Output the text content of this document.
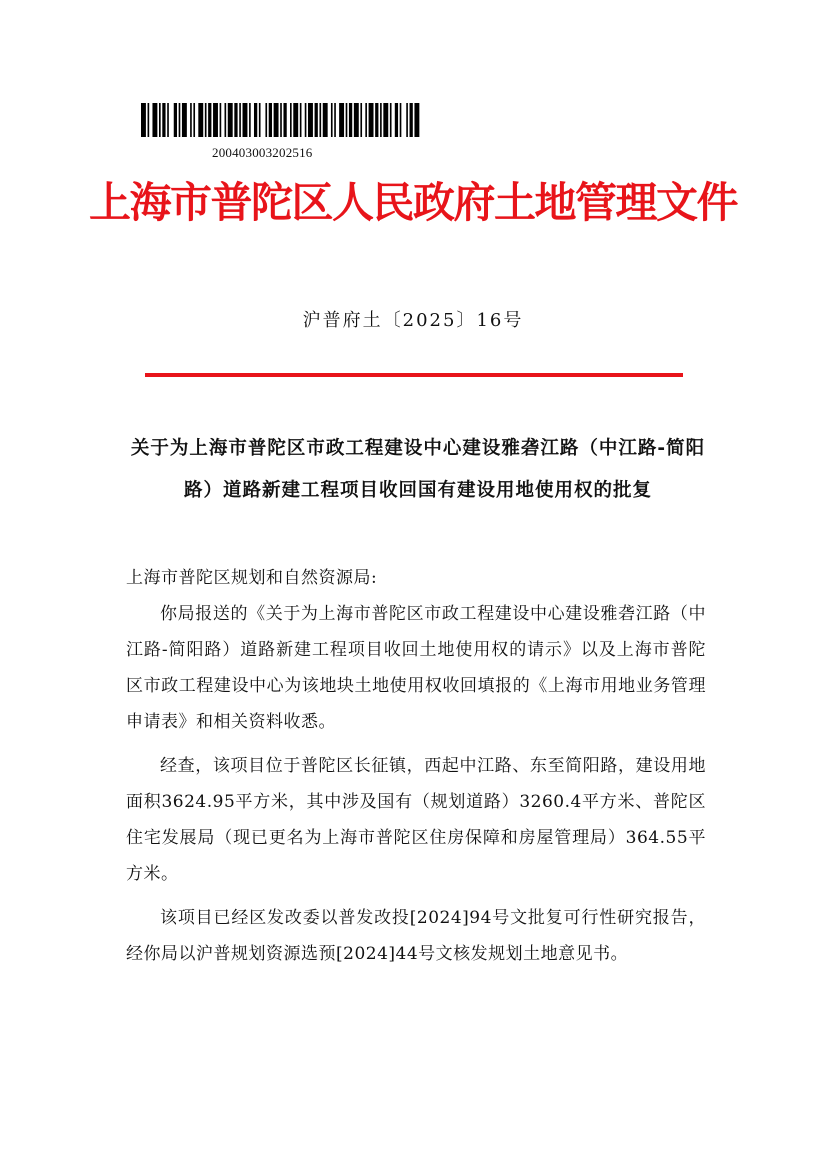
200403003202516
上海市普陀区人民政府土地管理文件
沪普府土〔2025〕16号
关于为上海市普陀区市政工程建设中心建设雅砻江路（中江路-简阳
路）道路新建工程项目收回国有建设用地使用权的批复

上海市普陀区规划和自然资源局:

你局报送的《关于为上海市普陀区市政工程建设中心建设雅砻江路（中江路-简阳路）道路新建工程项目收回土地使用权的请示》以及上海市普陀区市政工程建设中心为该地块土地使用权收回填报的《上海市用地业务管理申请表》和相关资料收悉。

经查，该项目位于普陀区长征镇，西起中江路、东至简阳路，建设用地面积3624.95平方米，其中涉及国有（规划道路）3260.4平方米、普陀区住宅发展局（现已更名为上海市普陀区住房保障和房屋管理局）364.55平方米。

该项目已经区发改委以普发改投[2024]94号文批复可行性研究报告，经你局以沪普规划资源选预[2024]44号文核发规划土地意见书。
